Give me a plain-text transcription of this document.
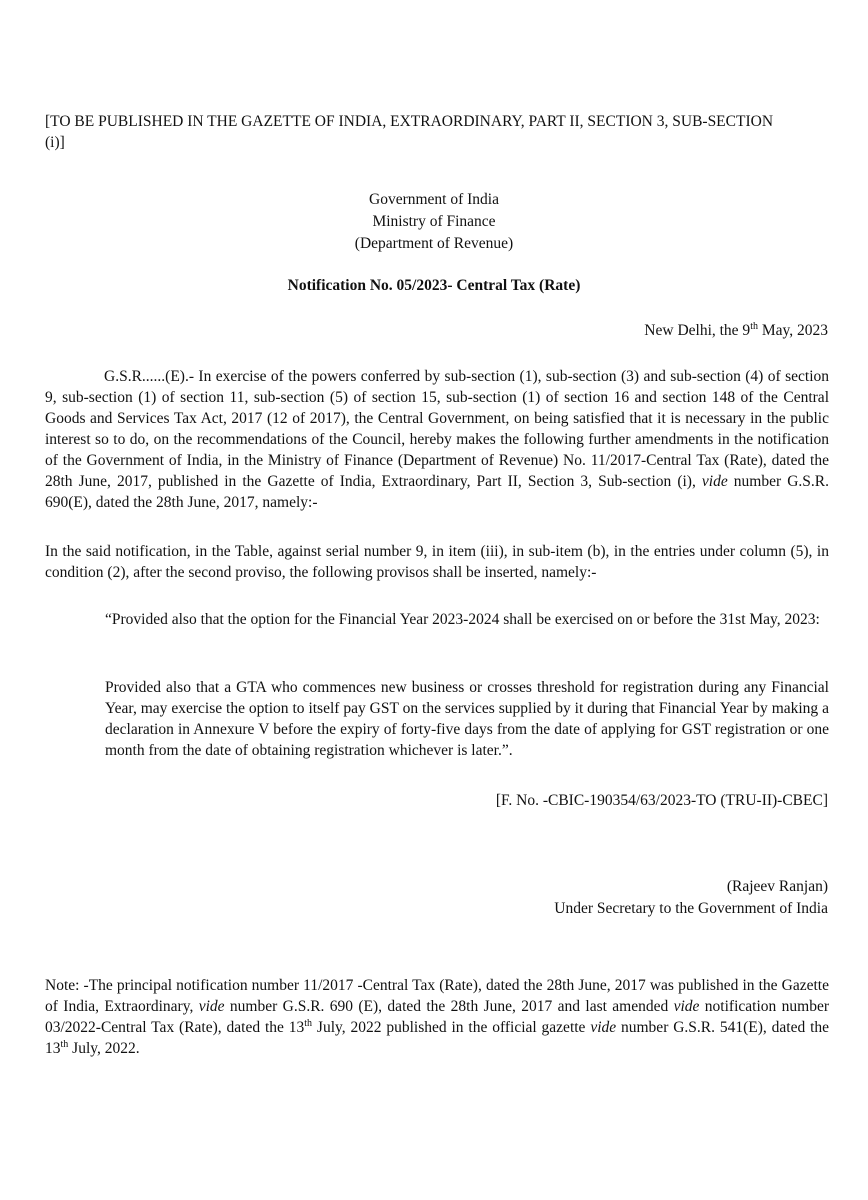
[TO BE PUBLISHED IN THE GAZETTE OF INDIA, EXTRAORDINARY, PART II, SECTION 3, SUB-SECTION (i)]
Government of India
Ministry of Finance
(Department of Revenue)
Notification No. 05/2023- Central Tax (Rate)
New Delhi, the 9th May, 2023
G.S.R......(E).- In exercise of the powers conferred by sub-section (1), sub-section (3) and sub-section (4) of section 9, sub-section (1) of section 11, sub-section (5) of section 15, sub-section (1) of section 16 and section 148 of the Central Goods and Services Tax Act, 2017 (12 of 2017), the Central Government, on being satisfied that it is necessary in the public interest so to do, on the recommendations of the Council, hereby makes the following further amendments in the notification of the Government of India, in the Ministry of Finance (Department of Revenue) No. 11/2017-Central Tax (Rate), dated the 28th June, 2017, published in the Gazette of India, Extraordinary, Part II, Section 3, Sub-section (i), vide number G.S.R. 690(E), dated the 28th June, 2017, namely:-
In the said notification, in the Table, against serial number 9, in item (iii), in sub-item (b), in the entries under column (5), in condition (2), after the second proviso, the following provisos shall be inserted, namely:-
“Provided also that the option for the Financial Year 2023-2024 shall be exercised on or before the 31st May, 2023:
Provided also that a GTA who commences new business or crosses threshold for registration during any Financial Year, may exercise the option to itself pay GST on the services supplied by it during that Financial Year by making a declaration in Annexure V before the expiry of forty-five days from the date of applying for GST registration or one month from the date of obtaining registration whichever is later.”.
[F. No. -CBIC-190354/63/2023-TO (TRU-II)-CBEC]
(Rajeev Ranjan)
Under Secretary to the Government of India
Note: -The principal notification number 11/2017 -Central Tax (Rate), dated the 28th June, 2017 was published in the Gazette of India, Extraordinary, vide number G.S.R. 690 (E), dated the 28th June, 2017 and last amended vide notification number 03/2022-Central Tax (Rate), dated the 13th July, 2022 published in the official gazette vide number G.S.R. 541(E), dated the 13th July, 2022.
